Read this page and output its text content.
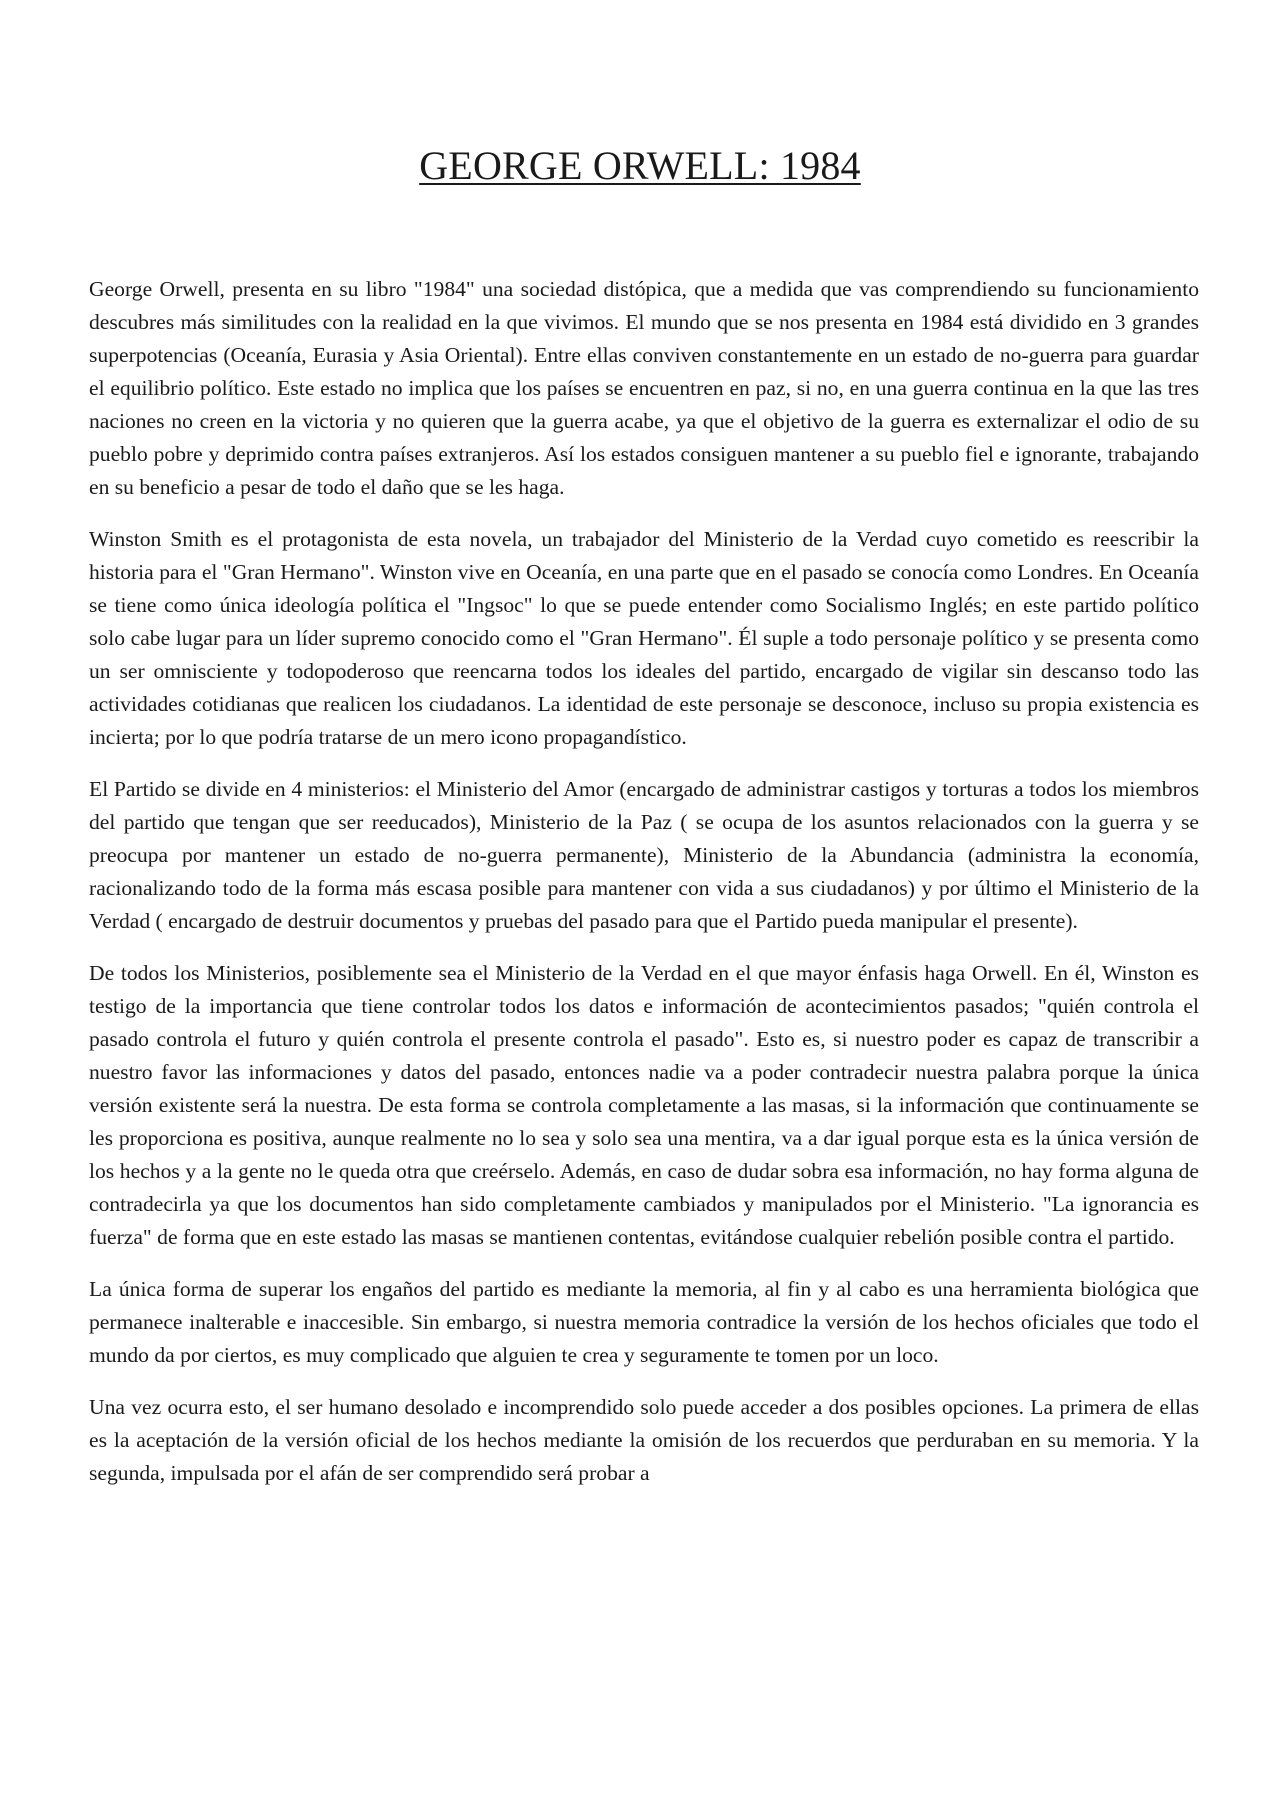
GEORGE ORWELL: 1984

George Orwell, presenta en su libro "1984" una sociedad distópica, que a medida que vas comprendiendo su funcionamiento descubres más similitudes con la realidad en la que vivimos. El mundo que se nos presenta en 1984 está dividido en 3 grandes superpotencias (Oceanía, Eurasia y Asia Oriental). Entre ellas conviven constantemente en un estado de no-guerra para guardar el equilibrio político. Este estado no implica que los países se encuentren en paz, si no, en una guerra continua en la que las tres naciones no creen en la victoria y no quieren que la guerra acabe, ya que el objetivo de la guerra es externalizar el odio de su pueblo pobre y deprimido contra países extranjeros. Así los estados consiguen mantener a su pueblo fiel e ignorante, trabajando en su beneficio a pesar de todo el daño que se les haga.

Winston Smith es el protagonista de esta novela, un trabajador del Ministerio de la Verdad cuyo cometido es reescribir la historia para el "Gran Hermano". Winston vive en Oceanía, en una parte que en el pasado se conocía como Londres. En Oceanía se tiene como única ideología política el "Ingsoc" lo que se puede entender como Socialismo Inglés; en este partido político solo cabe lugar para un líder supremo conocido como el "Gran Hermano". Él suple a todo personaje político y se presenta como un ser omnisciente y todopoderoso que reencarna todos los ideales del partido, encargado de vigilar sin descanso todo las actividades cotidianas que realicen los ciudadanos. La identidad de este personaje se desconoce, incluso su propia existencia es incierta; por lo que podría tratarse de un mero icono propagandístico.

El Partido se divide en 4 ministerios: el Ministerio del Amor (encargado de administrar castigos y torturas a todos los miembros del partido que tengan que ser reeducados), Ministerio de la Paz ( se ocupa de los asuntos relacionados con la guerra y se preocupa por mantener un estado de no-guerra permanente), Ministerio de la Abundancia (administra la economía, racionalizando todo de la forma más escasa posible para mantener con vida a sus ciudadanos) y por último el Ministerio de la Verdad ( encargado de destruir documentos y pruebas del pasado para que el Partido pueda manipular el presente).

De todos los Ministerios, posiblemente sea el Ministerio de la Verdad en el que mayor énfasis haga Orwell. En él, Winston es testigo de la importancia que tiene controlar todos los datos e información de acontecimientos pasados; "quién controla el pasado controla el futuro y quién controla el presente controla el pasado". Esto es, si nuestro poder es capaz de transcribir a nuestro favor las informaciones y datos del pasado, entonces nadie va a poder contradecir nuestra palabra porque la única versión existente será la nuestra. De esta forma se controla completamente a las masas, si la información que continuamente se les proporciona es positiva, aunque realmente no lo sea y solo sea una mentira, va a dar igual porque esta es la única versión de los hechos y a la gente no le queda otra que creérselo. Además, en caso de dudar sobra esa información, no hay forma alguna de contradecirla ya que los documentos han sido completamente cambiados y manipulados por el Ministerio. "La ignorancia es fuerza" de forma que en este estado las masas se mantienen contentas, evitándose cualquier rebelión posible contra el partido.

La única forma de superar los engaños del partido es mediante la memoria, al fin y al cabo es una herramienta biológica que permanece inalterable e inaccesible. Sin embargo, si nuestra memoria contradice la versión de los hechos oficiales que todo el mundo da por ciertos, es muy complicado que alguien te crea y seguramente te tomen por un loco.

Una vez ocurra esto, el ser humano desolado e incomprendido solo puede acceder a dos posibles opciones. La primera de ellas es la aceptación de la versión oficial de los hechos mediante la omisión de los recuerdos que perduraban en su memoria. Y la segunda, impulsada por el afán de ser comprendido será probar a
